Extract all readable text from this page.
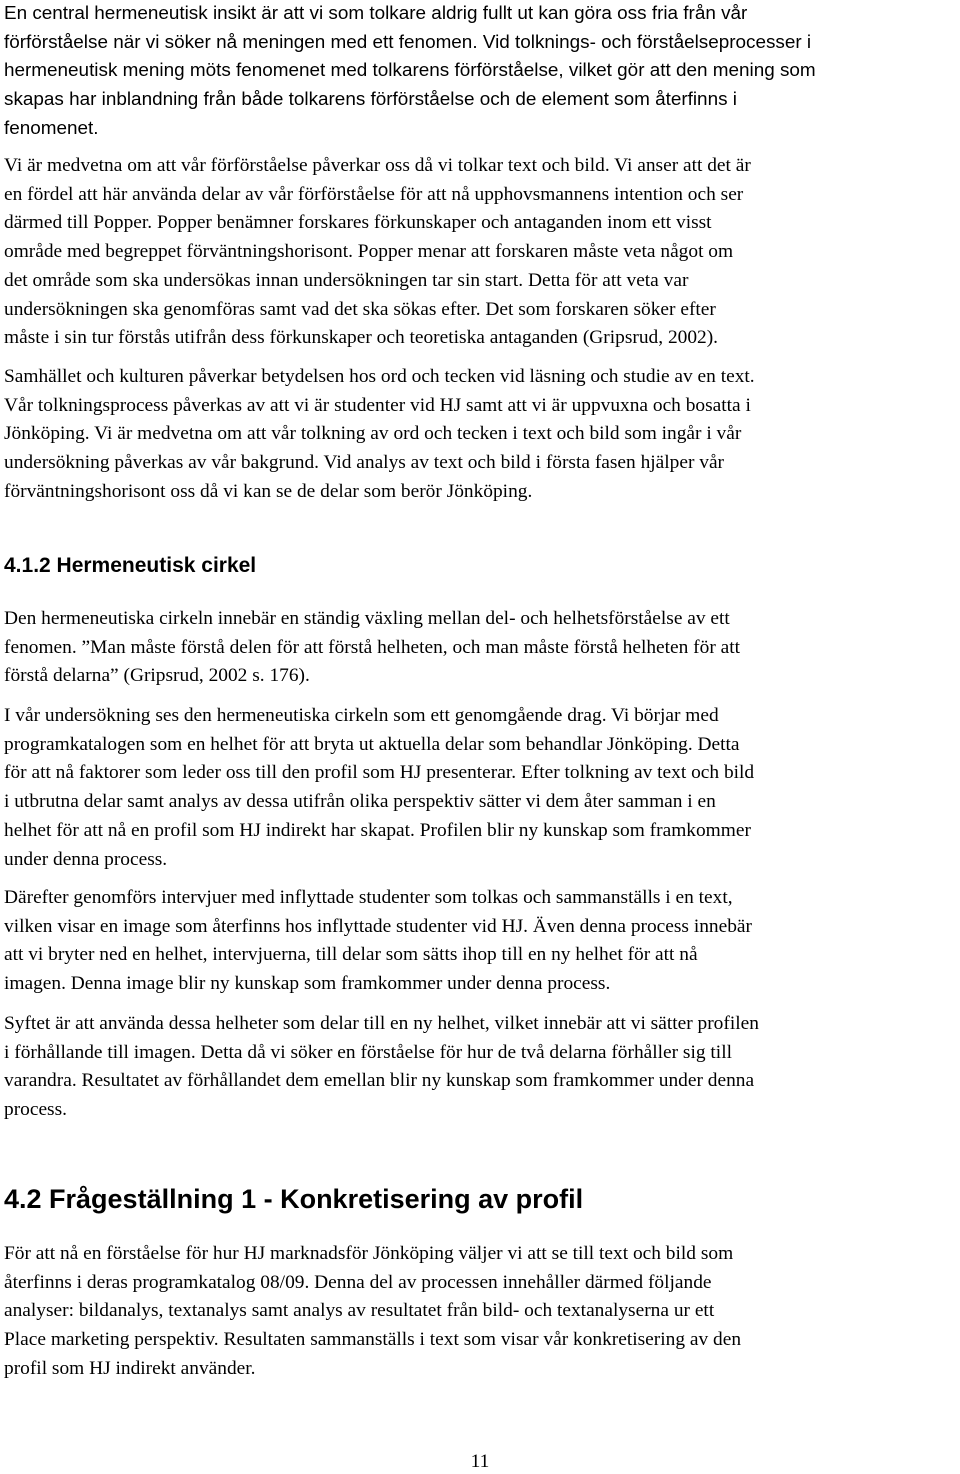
En central hermeneutisk insikt är att vi som tolkare aldrig fullt ut kan göra oss fria från vår
förförståelse när vi söker nå meningen med ett fenomen. Vid tolknings- och förståelseprocesser i
hermeneutisk mening möts fenomenet med tolkarens förförståelse, vilket gör att den mening som
skapas har inblandning från både tolkarens förförståelse och de element som återfinns i
fenomenet.

Vi är medvetna om att vår förförståelse påverkar oss då vi tolkar text och bild. Vi anser att det är
en fördel att här använda delar av vår förförståelse för att nå upphovsmannens intention och ser
därmed till Popper. Popper benämner forskares förkunskaper och antaganden inom ett visst
område med begreppet förväntningshorisont. Popper menar att forskaren måste veta något om
det område som ska undersökas innan undersökningen tar sin start. Detta för att veta var
undersökningen ska genomföras samt vad det ska sökas efter. Det som forskaren söker efter
måste i sin tur förstås utifrån dess förkunskaper och teoretiska antaganden (Gripsrud, 2002).

Samhället och kulturen påverkar betydelsen hos ord och tecken vid läsning och studie av en text.
Vår tolkningsprocess påverkas av att vi är studenter vid HJ samt att vi är uppvuxna och bosatta i
Jönköping. Vi är medvetna om att vår tolkning av ord och tecken i text och bild som ingår i vår
undersökning påverkas av vår bakgrund. Vid analys av text och bild i första fasen hjälper vår
förväntningshorisont oss då vi kan se de delar som berör Jönköping.

4.1.2 Hermeneutisk cirkel

Den hermeneutiska cirkeln innebär en ständig växling mellan del- och helhetsförståelse av ett
fenomen. ”Man måste förstå delen för att förstå helheten, och man måste förstå helheten för att
förstå delarna” (Gripsrud, 2002 s. 176).

I vår undersökning ses den hermeneutiska cirkeln som ett genomgående drag. Vi börjar med
programkatalogen som en helhet för att bryta ut aktuella delar som behandlar Jönköping. Detta
för att nå faktorer som leder oss till den profil som HJ presenterar. Efter tolkning av text och bild
i utbrutna delar samt analys av dessa utifrån olika perspektiv sätter vi dem åter samman i en
helhet för att nå en profil som HJ indirekt har skapat. Profilen blir ny kunskap som framkommer
under denna process.

Därefter genomförs intervjuer med inflyttade studenter som tolkas och sammanställs i en text,
vilken visar en image som återfinns hos inflyttade studenter vid HJ. Även denna process innebär
att vi bryter ned en helhet, intervjuerna, till delar som sätts ihop till en ny helhet för att nå
imagen. Denna image blir ny kunskap som framkommer under denna process.

Syftet är att använda dessa helheter som delar till en ny helhet, vilket innebär att vi sätter profilen
i förhållande till imagen. Detta då vi söker en förståelse för hur de två delarna förhåller sig till
varandra. Resultatet av förhållandet dem emellan blir ny kunskap som framkommer under denna
process.

4.2 Frågeställning 1 - Konkretisering av profil

För att nå en förståelse för hur HJ marknadsför Jönköping väljer vi att se till text och bild som
återfinns i deras programkatalog 08/09. Denna del av processen innehåller därmed följande
analyser: bildanalys, textanalys samt analys av resultatet från bild- och textanalyserna ur ett
Place marketing perspektiv. Resultaten sammanställs i text som visar vår konkretisering av den
profil som HJ indirekt använder.

11
